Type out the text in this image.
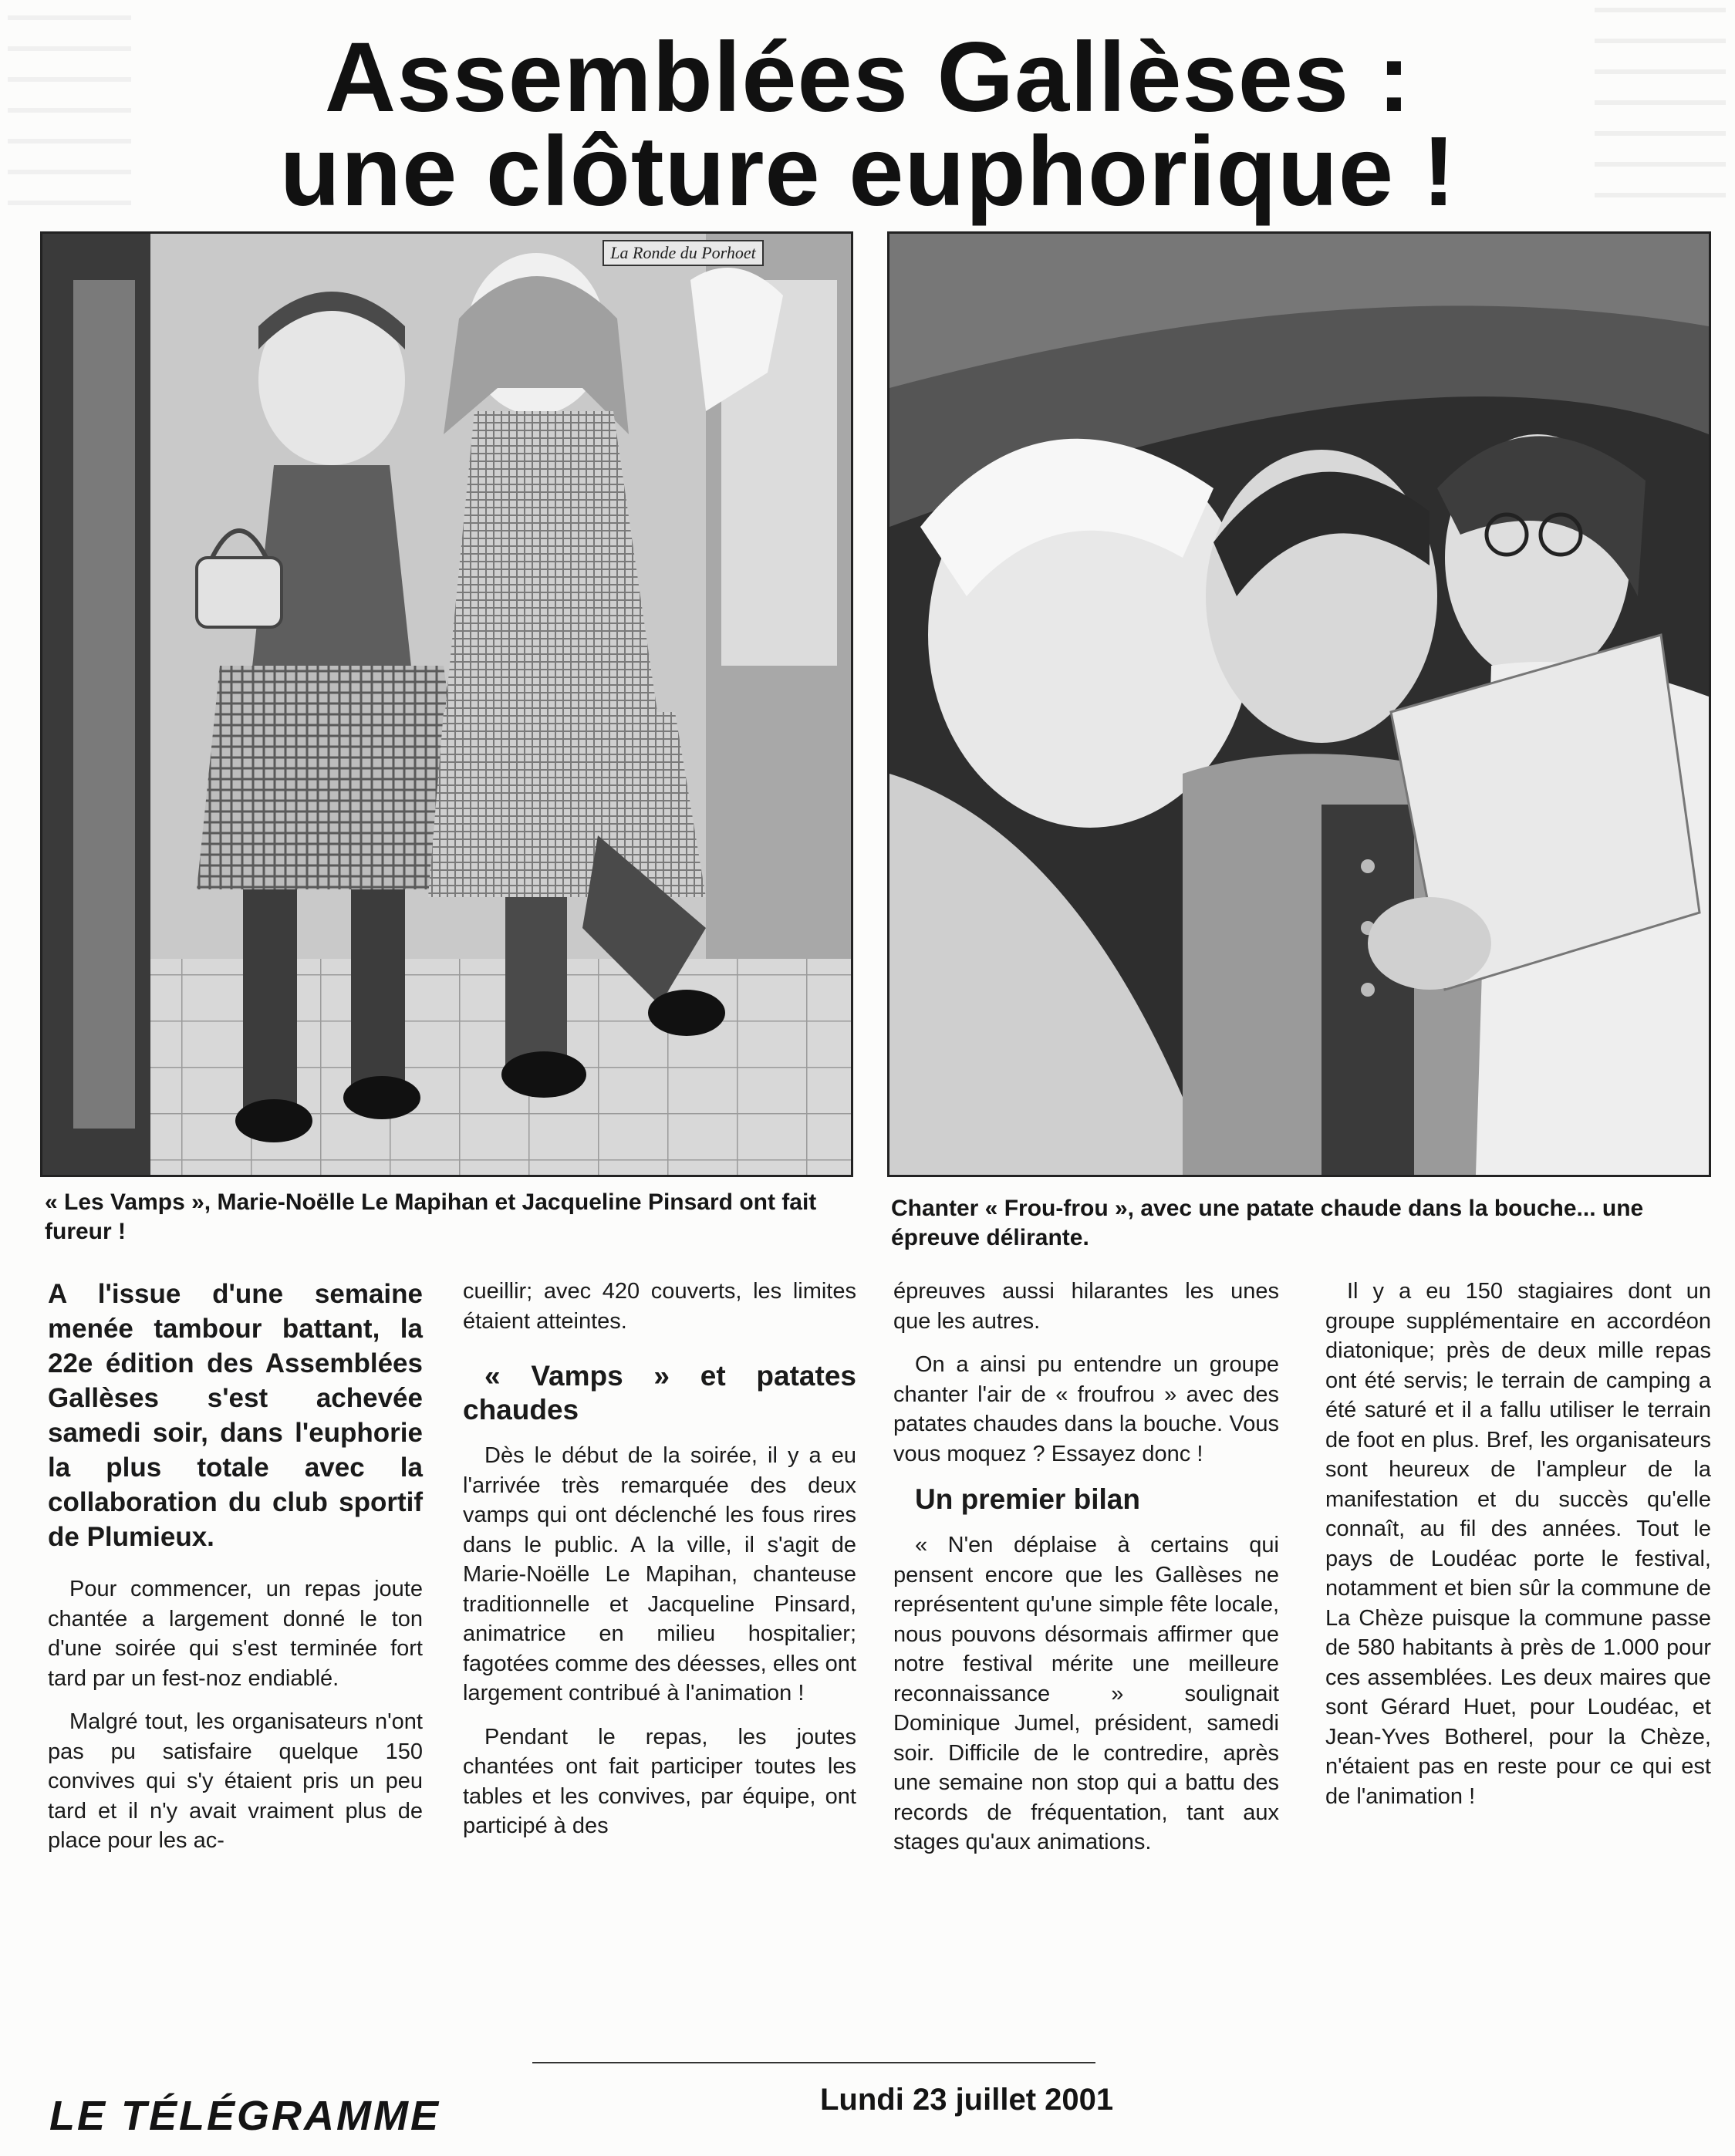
Assemblées Gallèses :
une clôture euphorique !
La Ronde du Porhoet
« Les Vamps », Marie-Noëlle Le Mapihan et Jacqueline Pinsard ont fait fureur !
Chanter « Frou-frou », avec une patate chaude dans la bouche... une épreuve délirante.

A l'issue d'une semaine menée tambour battant, la 22e édition des Assemblées Gallèses s'est achevée samedi soir, dans l'euphorie la plus totale avec la collaboration du club sportif de Plumieux.

Pour commencer, un repas joute chantée a largement donné le ton d'une soirée qui s'est terminée fort tard par un fest-noz endiablé.

Malgré tout, les organisateurs n'ont pas pu satisfaire quelque 150 convives qui s'y étaient pris un peu tard et il n'y avait vraiment plus de place pour les ac-

cueillir; avec 420 couverts, les limites étaient atteintes.

« Vamps » et patates chaudes

Dès le début de la soirée, il y a eu l'arrivée très remarquée des deux vamps qui ont déclenché les fous rires dans le public. A la ville, il s'agit de Marie-Noëlle Le Mapihan, chanteuse traditionnelle et Jacqueline Pinsard, animatrice en milieu hospitalier; fagotées comme des déesses, elles ont largement contribué à l'animation !

Pendant le repas, les joutes chantées ont fait participer toutes les tables et les convives, par équipe, ont participé à des

épreuves aussi hilarantes les unes que les autres.

On a ainsi pu entendre un groupe chanter l'air de « froufrou » avec des patates chaudes dans la bouche. Vous vous moquez ? Essayez donc !

Un premier bilan

« N'en déplaise à certains qui pensent encore que les Gallèses ne représentent qu'une simple fête locale, nous pouvons désormais affirmer que notre festival mérite une meilleure reconnaissance » soulignait Dominique Jumel, président, samedi soir. Difficile de le contredire, après une semaine non stop qui a battu des records de fréquentation, tant aux stages qu'aux animations.

Il y a eu 150 stagiaires dont un groupe supplémentaire en accordéon diatonique; près de deux mille repas ont été servis; le terrain de camping a été saturé et il a fallu utiliser le terrain de foot en plus. Bref, les organisateurs sont heureux de l'ampleur de la manifestation et du succès qu'elle connaît, au fil des années. Tout le pays de Loudéac porte le festival, notamment et bien sûr la commune de La Chèze puisque la commune passe de 580 habitants à près de 1.000 pour ces assemblées. Les deux maires que sont Gérard Huet, pour Loudéac, et Jean-Yves Botherel, pour la Chèze, n'étaient pas en reste pour ce qui est de l'animation !

LE TÉLÉGRAMME	Lundi 23 juillet 2001
